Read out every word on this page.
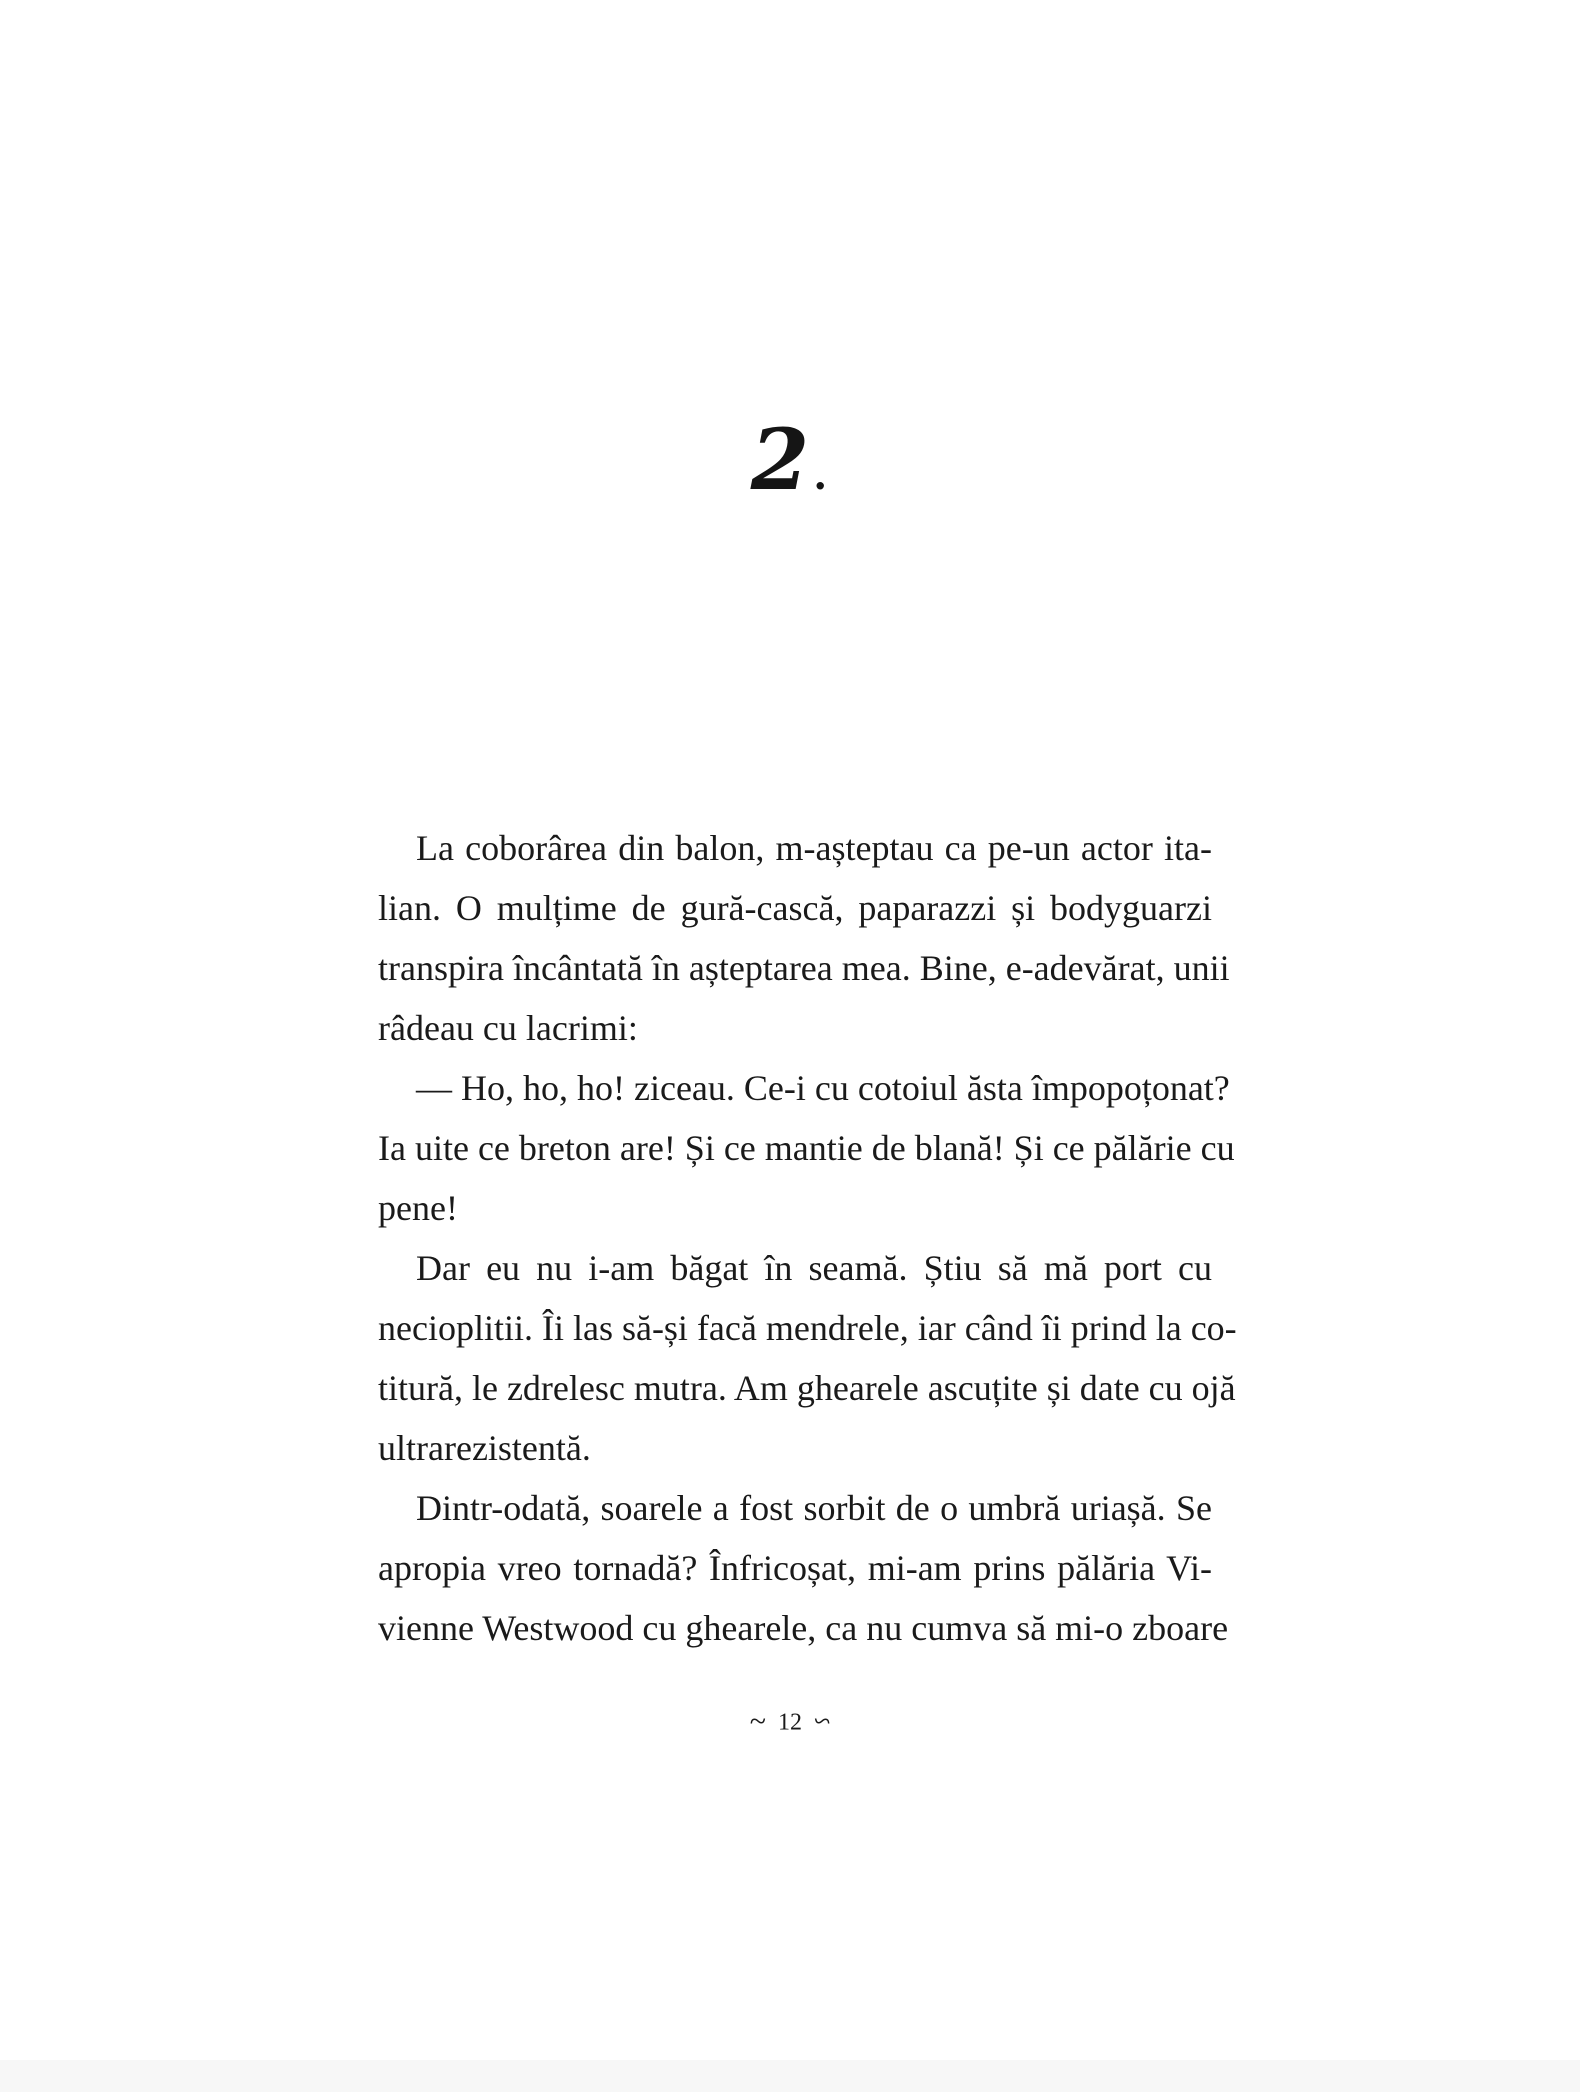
2.
La coborârea din balon, m-așteptau ca pe-un actor ita-
lian. O mulțime de gură-cască, paparazzi și bodyguarzi
transpira încântată în așteptarea mea. Bine, e-adevărat, unii
râdeau cu lacrimi:
— Ho, ho, ho! ziceau. Ce-i cu cotoiul ăsta împopoțonat?
Ia uite ce breton are! Și ce mantie de blană! Și ce pălărie cu
pene!
Dar eu nu i-am băgat în seamă. Știu să mă port cu
necioplitii. Îi las să-și facă mendrele, iar când îi prind la co-
titură, le zdrelesc mutra. Am ghearele ascuțite și date cu ojă
ultrarezistentă.
Dintr-odată, soarele a fost sorbit de o umbră uriașă. Se
apropia vreo tornadă? Înfricoșat, mi-am prins pălăria Vi-
vienne Westwood cu ghearele, ca nu cumva să mi-o zboare
~ 12 ~
